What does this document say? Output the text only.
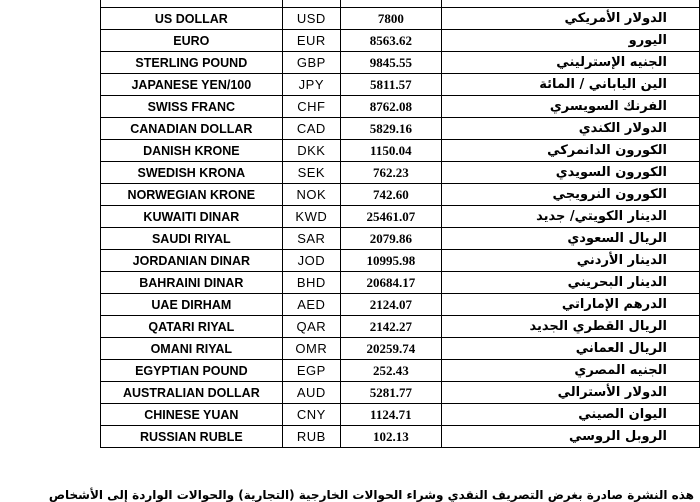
US DOLLAR	USD	7800	الدولار الأمريكي
EURO	EUR	8563.62	اليورو
STERLING POUND	GBP	9845.55	الجنيه الإسترليني
JAPANESE YEN/100	JPY	5811.57	الين الياباني / المائة
SWISS FRANC	CHF	8762.08	الفرنك السويسري
CANADIAN DOLLAR	CAD	5829.16	الدولار الكندي
DANISH KRONE	DKK	1150.04	الكورون الدانمركي
SWEDISH KRONA	SEK	762.23	الكورون السويدي
NORWEGIAN KRONE	NOK	742.60	الكورون النرويجي
KUWAITI DINAR	KWD	25461.07	الدينار الكويتي/ جديد
SAUDI RIYAL	SAR	2079.86	الريال السعودي
JORDANIAN DINAR	JOD	10995.98	الدينار الأردني
BAHRAINI DINAR	BHD	20684.17	الدينار البحريني
UAE DIRHAM	AED	2124.07	الدرهم الإماراتي
QATARI RIYAL	QAR	2142.27	الريال القطري الجديد
OMANI RIYAL	OMR	20259.74	الريال العماني
EGYPTIAN POUND	EGP	252.43	الجنيه المصري
AUSTRALIAN DOLLAR	AUD	5281.77	الدولار الأسترالي
CHINESE YUAN	CNY	1124.71	اليوان الصيني
RUSSIAN RUBLE	RUB	102.13	الروبل الروسي
هذه النشرة صادرة بغرض التصريف النقدي وشراء الحوالات الخارجية (التجارية) والحوالات الواردة إلى الأشخاص
